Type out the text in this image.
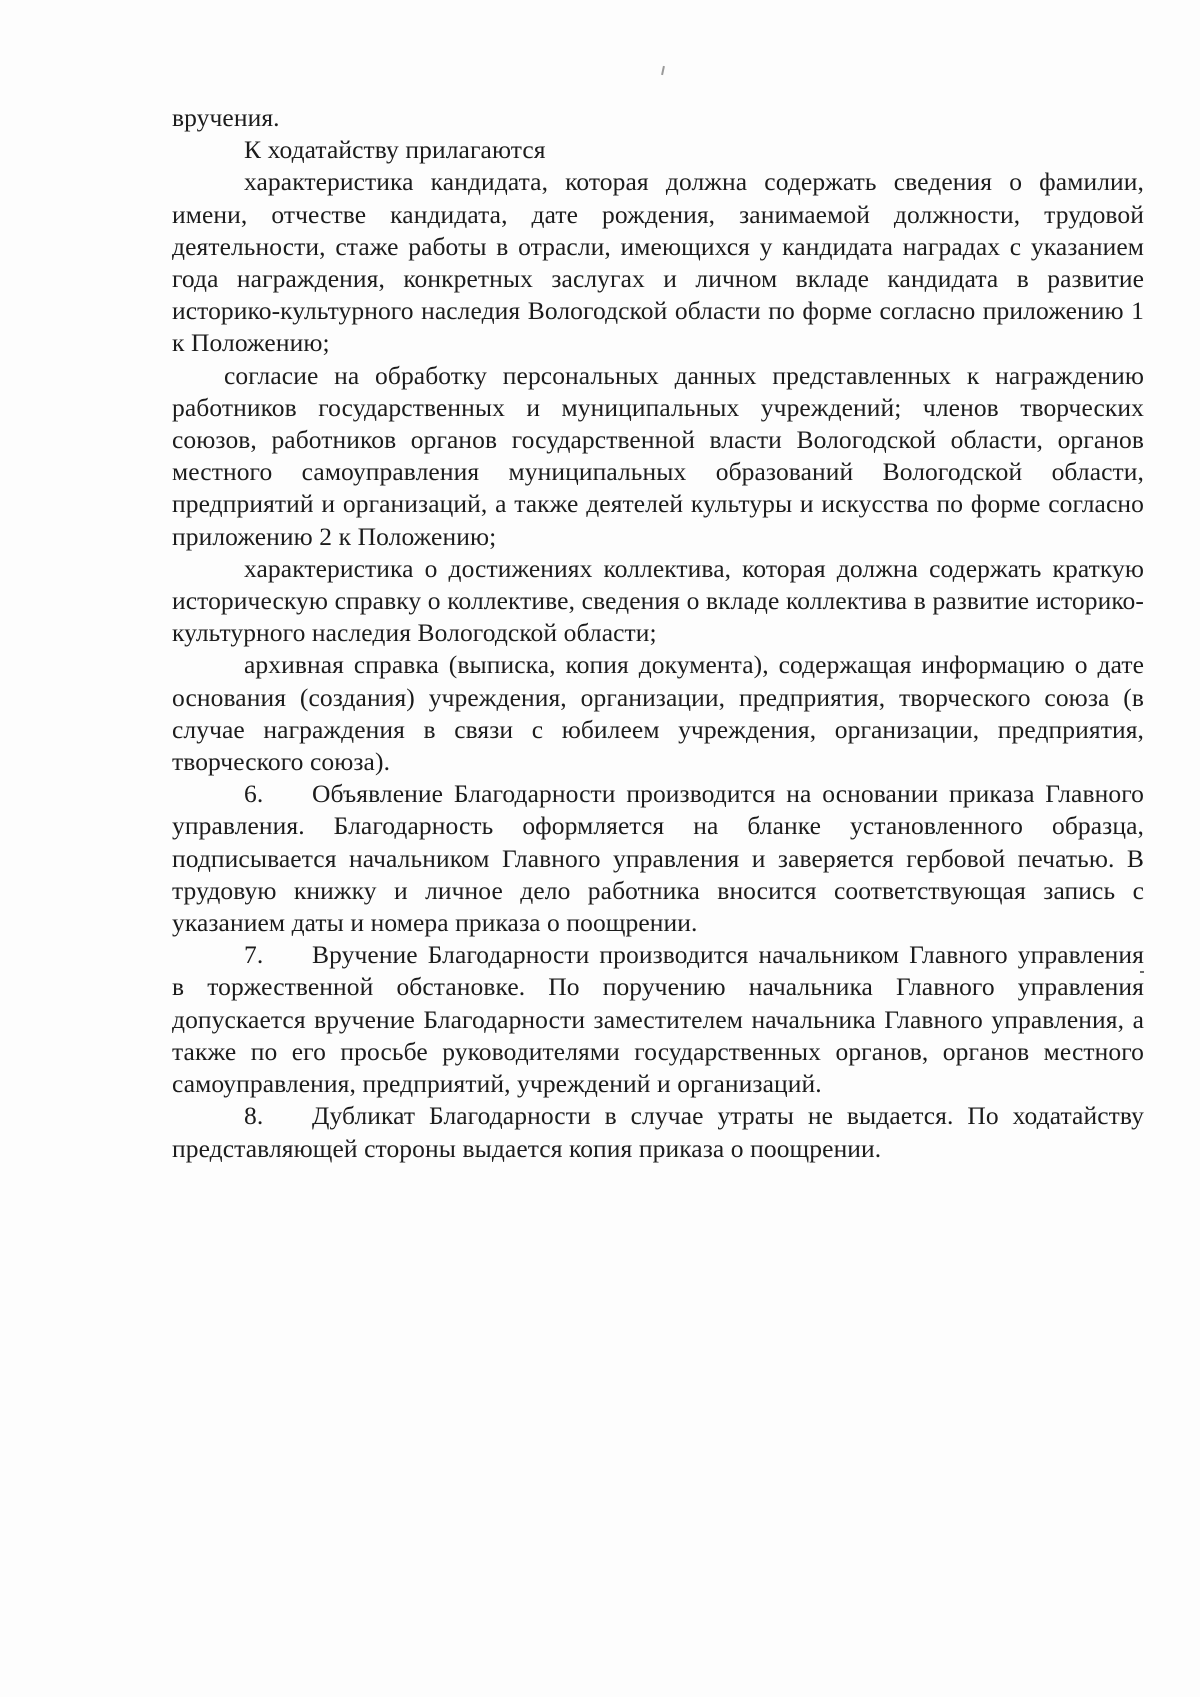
вручения.

К ходатайству прилагаются

характеристика кандидата, которая должна содержать сведения о фамилии, имени, отчестве кандидата, дате рождения, занимаемой должности, трудовой деятельности, стаже работы в отрасли, имеющихся у кандидата наградах с указанием года награждения, конкретных заслугах и личном вкладе кандидата в развитие историко-культурного наследия Вологодской области по форме согласно приложению 1 к Положению;

согласие на обработку персональных данных представленных к награждению работников государственных и муниципальных учреждений; членов творческих союзов, работников органов государственной власти Вологодской области, органов местного самоуправления муниципальных образований Вологодской области, предприятий и организаций, а также деятелей культуры и искусства по форме согласно приложению 2 к Положению;

характеристика о достижениях коллектива, которая должна содержать краткую историческую справку о коллективе, сведения о вкладе коллектива в развитие историко-культурного наследия Вологодской области;

архивная справка (выписка, копия документа), содержащая информацию о дате основания (создания) учреждения, организации, предприятия, творческого союза (в случае награждения в связи с юбилеем учреждения, организации, предприятия, творческого союза).

6. Объявление Благодарности производится на основании приказа Главного управления. Благодарность оформляется на бланке установленного образца, подписывается начальником Главного управления и заверяется гербовой печатью. В трудовую книжку и личное дело работника вносится соответствующая запись с указанием даты и номера приказа о поощрении.

7. Вручение Благодарности производится начальником Главного управления в торжественной обстановке. По поручению начальника Главного управления допускается вручение Благодарности заместителем начальника Главного управления, а также по его просьбе руководителями государственных органов, органов местного самоуправления, предприятий, учреждений и организаций.

8. Дубликат Благодарности в случае утраты не выдается. По ходатайству представляющей стороны выдается копия приказа о поощрении.
